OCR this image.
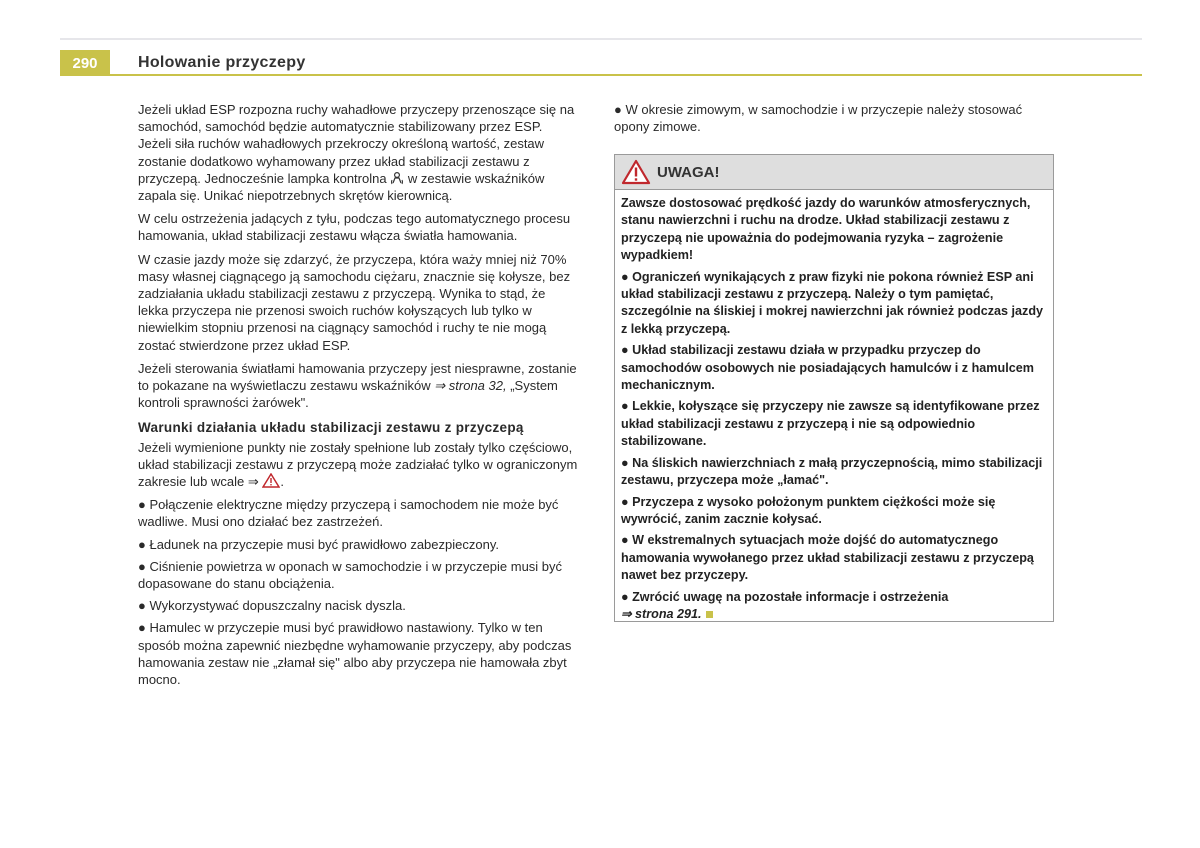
290	Holowanie przyczepy

Jeżeli układ ESP rozpozna ruchy wahadłowe przyczepy przenoszące się na samochód, samochód będzie automatycznie stabilizowany przez ESP. Jeżeli siła ruchów wahadłowych przekroczy określoną wartość, zestaw zostanie dodatkowo wyhamowany przez układ stabilizacji zestawu z przyczepą. Jednocześnie lampka kontrolna w zestawie wskaźników zapala się. Unikać niepotrzebnych skrętów kierownicą.

W celu ostrzeżenia jadących z tyłu, podczas tego automatycznego procesu hamowania, układ stabilizacji zestawu włącza światła hamowania.

W czasie jazdy może się zdarzyć, że przyczepa, która waży mniej niż 70% masy własnej ciągnącego ją samochodu ciężaru, znacznie się kołysze, bez zadziałania układu stabilizacji zestawu z przyczepą. Wynika to stąd, że lekka przyczepa nie przenosi swoich ruchów kołyszących lub tylko w niewielkim stopniu przenosi na ciągnący samochód i ruchy te nie mogą zostać stwierdzone przez układ ESP.

Jeżeli sterowania światłami hamowania przyczepy jest niesprawne, zostanie to pokazane na wyświetlaczu zestawu wskaźników ⇒ strona 32, „System kontroli sprawności żarówek".

Warunki działania układu stabilizacji zestawu z przyczepą

Jeżeli wymienione punkty nie zostały spełnione lub zostały tylko częściowo, układ stabilizacji zestawu z przyczepą może zadziałać tylko w ograniczonym zakresie lub wcale ⇒ .

● Połączenie elektryczne między przyczepą i samochodem nie może być wadliwe. Musi ono działać bez zastrzeżeń.

● Ładunek na przyczepie musi być prawidłowo zabezpieczony.

● Ciśnienie powietrza w oponach w samochodzie i w przyczepie musi być dopasowane do stanu obciążenia.

● Wykorzystywać dopuszczalny nacisk dyszla.

● Hamulec w przyczepie musi być prawidłowo nastawiony. Tylko w ten sposób można zapewnić niezbędne wyhamowanie przyczepy, aby podczas hamowania zestaw nie „złamał się" albo aby przyczepa nie hamowała zbyt mocno.

● W okresie zimowym, w samochodzie i w przyczepie należy stosować opony zimowe.

UWAGA!

Zawsze dostosować prędkość jazdy do warunków atmosferycznych, stanu nawierzchni i ruchu na drodze. Układ stabilizacji zestawu z przyczepą nie upoważnia do podejmowania ryzyka – zagrożenie wypadkiem!

● Ograniczeń wynikających z praw fizyki nie pokona również ESP ani układ stabilizacji zestawu z przyczepą. Należy o tym pamiętać, szczególnie na śliskiej i mokrej nawierzchni jak również podczas jazdy z lekką przyczepą.

● Układ stabilizacji zestawu działa w przypadku przyczep do samochodów osobowych nie posiadających hamulców i z hamulcem mechanicznym.

● Lekkie, kołyszące się przyczepy nie zawsze są identyfikowane przez układ stabilizacji zestawu z przyczepą i nie są odpowiednio stabilizowane.

● Na śliskich nawierzchniach z małą przyczepnością, mimo stabilizacji zestawu, przyczepa może „łamać".

● Przyczepa z wysoko położonym punktem ciężkości może się wywrócić, zanim zacznie kołysać.

● W ekstremalnych sytuacjach może dojść do automatycznego hamowania wywołanego przez układ stabilizacji zestawu z przyczepą nawet bez przyczepy.

● Zwrócić uwagę na pozostałe informacje i ostrzeżenia
⇒ strona 291.
